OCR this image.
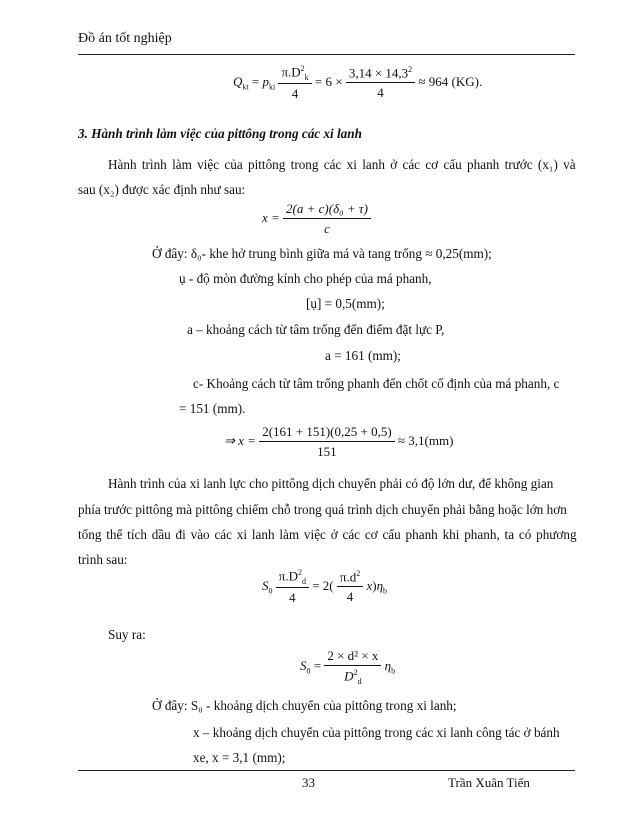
Đồ án tốt nghiệp
$Q_{kt} = p_{ki} \frac{\pi.D^2_k}{4} = 6 \times \frac{3,14 \times 14,3^2}{4} \approx 964$ (KG).
3. Hành trình làm việc của pittông trong các xi lanh
Hành trình làm việc của pittông trong các xi lanh ở các cơ cấu phanh trước (x₁) và
sau (x₂) được xác định như sau:
$x = \frac{\text{2(a + c)(δ₀ + τ)}}{c}$
Ở đây: δ₀- khe hở trung bình giữa má và tang trống ≈ 0,25(mm);
ụ - độ mòn đường kính cho phép của má phanh,
[ụ] = 0,5(mm);
a – khoảng cách từ tâm trống đến điểm đặt lực P,
a = 161 (mm);
c- Khoảng cách từ tâm trống phanh đến chốt cố định của má phanh, c
= 151 (mm).
⇒ $x = \frac{2(161 + 151)(0,25 + 0,5)}{151} \approx 3,1(mm)$
Hành trình của xi lanh lực cho pittông dịch chuyển phải có độ lớn dư, để không gian
phía trước pittông mà pittông chiếm chỗ trong quá trình dịch chuyển phải bằng hoặc lớn hơn
tổng thể tích dầu đi vào các xi lanh làm việc ở các cơ cấu phanh khi phanh, ta có phương
trình sau:
$S_0 \frac{\pi.D^2_d}{4} = 2( \frac{\pi.d^2}{4} x)\eta_b$
Suy ra:
$S_0 = \frac{\text{2 × d² × x}}{D^2_d} \eta_b$
Ở đây: S₀ - khoảng dịch chuyển của pittông trong xi lanh;
x – khoảng dịch chuyển của pittông trong các xi lanh công tác ở bánh
xe, x = 3,1 (mm);
33	Trần Xuân Tiến
